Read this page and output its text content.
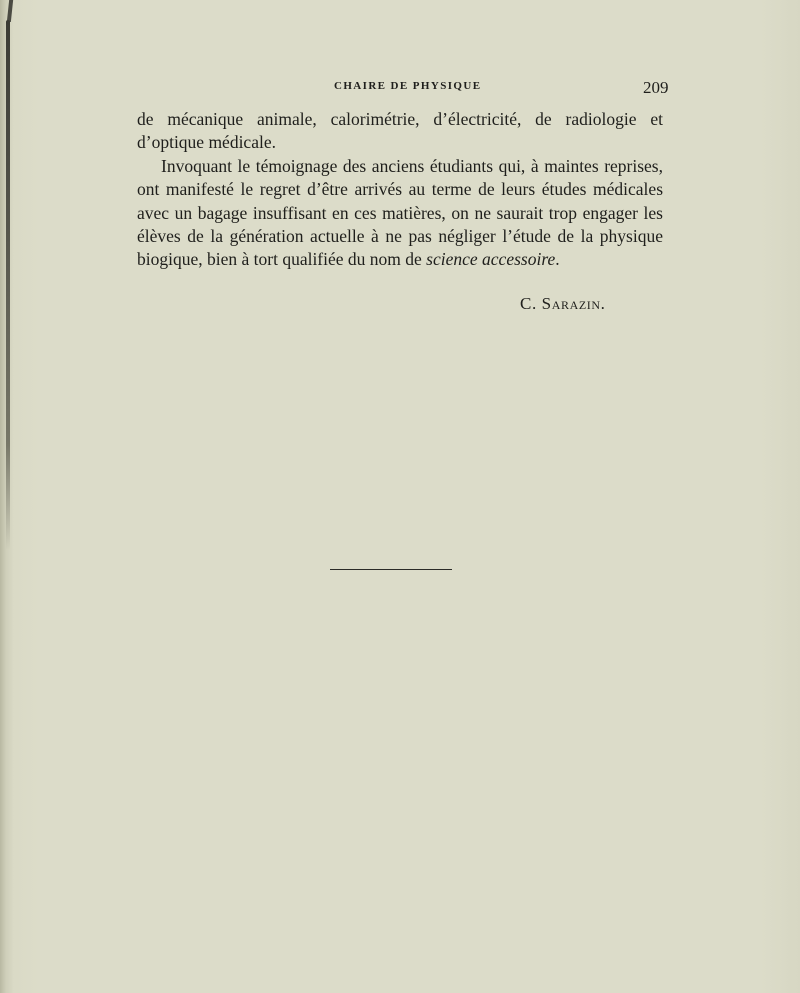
CHAIRE DE PHYSIQUE	209

de mécanique animale, calorimétrie, d’électricité, de radiologie et d’optique médicale.

Invoquant le témoignage des anciens étudiants qui, à maintes reprises, ont manifesté le regret d’être arrivés au terme de leurs études médicales avec un bagage insuffisant en ces matières, on ne saurait trop engager les élèves de la génération actuelle à ne pas négliger l’étude de la physique biogique, bien à tort qualifiée du nom de science accessoire.

C. Sarazin.
